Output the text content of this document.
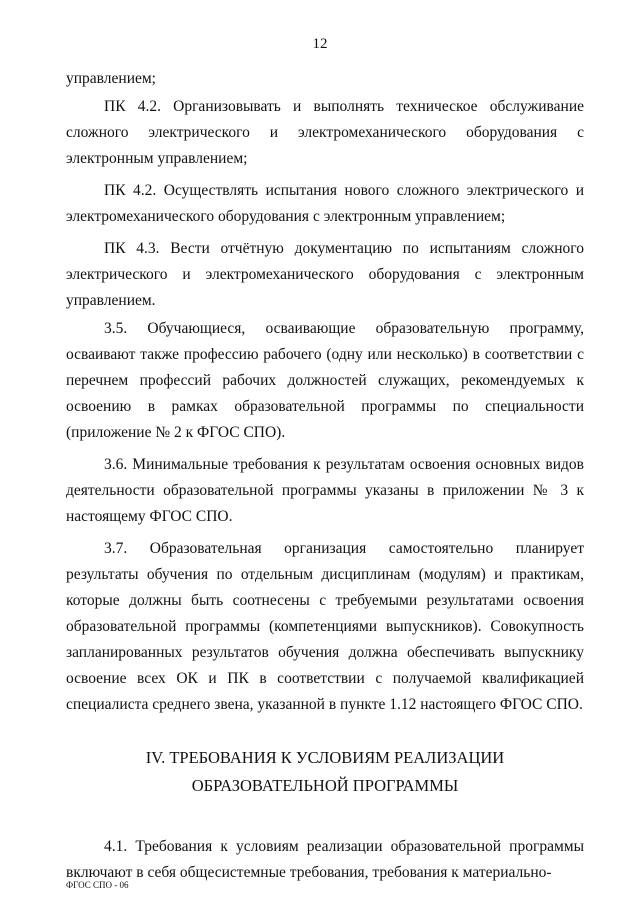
12

управлением;

ПК 4.2. Организовывать и выполнять техническое обслуживание сложного электрического и электромеханического оборудования с электронным управлением;

ПК 4.2. Осуществлять испытания нового сложного электрического и электромеханического оборудования с электронным управлением;

ПК 4.3. Вести отчётную документацию по испытаниям сложного электрического и электромеханического оборудования с электронным управлением.

3.5. Обучающиеся, осваивающие образовательную программу, осваивают также профессию рабочего (одну или несколько) в соответствии с перечнем профессий рабочих должностей служащих, рекомендуемых к освоению в рамках образовательной программы по специальности (приложение № 2 к ФГОС СПО).

3.6. Минимальные требования к результатам освоения основных видов деятельности образовательной программы указаны в приложении № 3 к настоящему ФГОС СПО.

3.7. Образовательная организация самостоятельно планирует результаты обучения по отдельным дисциплинам (модулям) и практикам, которые должны быть соотнесены с требуемыми результатами освоения образовательной программы (компетенциями выпускников). Совокупность запланированных результатов обучения должна обеспечивать выпускнику освоение всех ОК и ПК в соответствии с получаемой квалификацией специалиста среднего звена, указанной в пункте 1.12 настоящего ФГОС СПО.

IV. ТРЕБОВАНИЯ К УСЛОВИЯМ РЕАЛИЗАЦИИ
ОБРАЗОВАТЕЛЬНОЙ ПРОГРАММЫ

4.1. Требования к условиям реализации образовательной программы включают в себя общесистемные требования, требования к материально-

ФГОС СПО - 06
